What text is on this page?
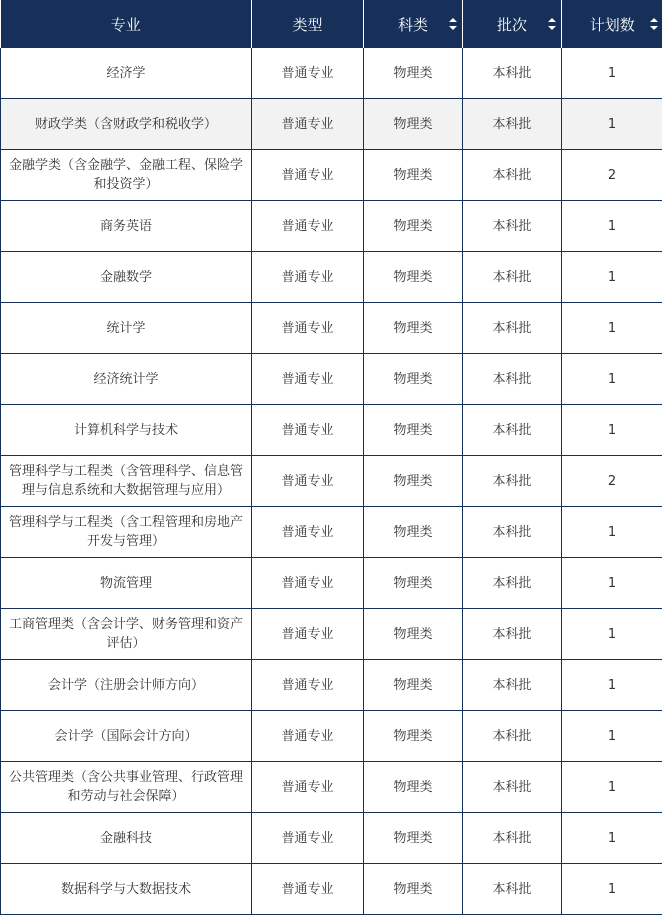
专业	类型	科类	批次	计划数

经济学	普通专业	物理类	本科批	1
财政学类（含财政学和税收学）	普通专业	物理类	本科批	1
金融学类（含金融学、金融工程、保险学和投资学）	普通专业	物理类	本科批	2
商务英语	普通专业	物理类	本科批	1
金融数学	普通专业	物理类	本科批	1
统计学	普通专业	物理类	本科批	1
经济统计学	普通专业	物理类	本科批	1
计算机科学与技术	普通专业	物理类	本科批	1
管理科学与工程类（含管理科学、信息管理与信息系统和大数据管理与应用）	普通专业	物理类	本科批	2
管理科学与工程类（含工程管理和房地产开发与管理）	普通专业	物理类	本科批	1
物流管理	普通专业	物理类	本科批	1
工商管理类（含会计学、财务管理和资产评估）	普通专业	物理类	本科批	1
会计学（注册会计师方向）	普通专业	物理类	本科批	1
会计学（国际会计方向）	普通专业	物理类	本科批	1
公共管理类（含公共事业管理、行政管理和劳动与社会保障）	普通专业	物理类	本科批	1
金融科技	普通专业	物理类	本科批	1
数据科学与大数据技术	普通专业	物理类	本科批	1
